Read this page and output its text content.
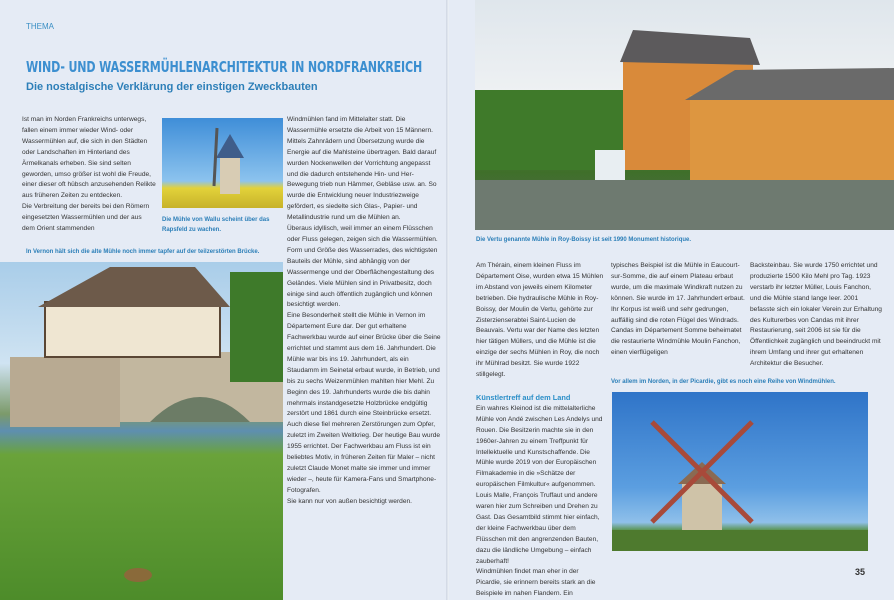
THEMA
WIND- UND WASSERMÜHLENARCHITEKTUR IN NORDFRANKREICH
Die nostalgische Verklärung der einstigen Zweckbauten

Ist man im Norden Frankreichs unterwegs, fallen einem immer wieder Wind- oder Wassermühlen auf, die sich in den Städten oder Landschaften im Hinterland des Ärmelkanals erheben. Sie sind selten geworden, umso größer ist wohl die Freude, einer dieser oft hübsch anzusehenden Relikte aus früheren Zeiten zu entdecken.

Die Verbreitung der bereits bei den Römern eingesetzten Wassermühlen und der aus dem Orient stammenden

Die Mühle von Wallu scheint über das Rapsfeld zu wachen.
In Vernon hält sich die alte Mühle noch immer tapfer auf der teilzerstörten Brücke.

Windmühlen fand im Mittelalter statt. Die Wassermühle ersetzte die Arbeit von 15 Männern. Mittels Zahnrädern und Übersetzung wurde die Energie auf die Mahlsteine übertragen. Bald darauf wurden Nockenwellen der Vorrichtung angepasst und die dadurch entstehende Hin- und Her-Bewegung trieb nun Hämmer, Gebläse usw. an. So wurde die Entwicklung neuer Industriezweige gefördert, es siedelte sich Glas-, Papier- und Metallindustrie rund um die Mühlen an.

Überaus idyllisch, weil immer an einem Flüsschen oder Fluss gelegen, zeigen sich die Wassermühlen. Form und Größe des Wasserrades, des wichtigsten Bauteils der Mühle, sind abhängig von der Wassermenge und der Oberflächengestaltung des Geländes. Viele Mühlen sind in Privatbesitz, doch einige sind auch öffentlich zugänglich und können besichtigt werden.

Eine Besonderheit stellt die Mühle in Vernon im Département Eure dar. Der gut erhaltene Fachwerkbau wurde auf einer Brücke über die Seine errichtet und stammt aus dem 16. Jahrhundert. Die Mühle war bis ins 19. Jahrhundert, als ein Staudamm im Seinetal erbaut wurde, in Betrieb, und bis zu sechs Weizenmühlen mahlten hier Mehl. Zu Beginn des 19. Jahrhunderts wurde die bis dahin mehrmals instandgesetzte Holzbrücke endgültig zerstört und 1861 durch eine Steinbrücke ersetzt. Auch diese fiel mehreren Zerstörungen zum Opfer, zuletzt im Zweiten Weltkrieg. Der heutige Bau wurde 1955 errichtet. Der Fachwerkbau am Fluss ist ein beliebtes Motiv, in früheren Zeiten für Maler – nicht zuletzt Claude Monet malte sie immer und immer wieder –, heute für Kamera-Fans und Smartphone-Fotografen.

Sie kann nur von außen besichtigt werden.

Die Vertu genannte Mühle in Roy-Boissy ist seit 1990 Monument historique.

Am Thérain, einem kleinen Fluss im Département Oise, wurden etwa 15 Mühlen im Abstand von jeweils einem Kilometer betrieben. Die hydraulische Mühle in Roy-Boissy, der Moulin de Vertu, gehörte zur Zisterzienserabtei Saint-Lucien de Beauvais. Vertu war der Name des letzten hier tätigen Müllers, und die Mühle ist die einzige der sechs Mühlen in Roy, die noch ihr Mühlrad besitzt. Sie wurde 1922 stillgelegt.

Künstlertreff auf dem Land

Ein wahres Kleinod ist die mittelalterliche Mühle von Andé zwischen Les Andelys und Rouen. Die Besitzerin machte sie in den 1960er-Jahren zu einem Treffpunkt für Intellektuelle und Kunstschaffende. Die Mühle wurde 2019 von der Europäischen Filmakademie in die »Schätze der europäischen Filmkultur« aufgenommen. Louis Malle, François Truffaut und andere waren hier zum Schreiben und Drehen zu Gast. Das Gesamtbild stimmt hier einfach, der kleine Fachwerkbau über dem Flüsschen mit den angrenzenden Bauten, dazu die ländliche Umgebung – einfach zauberhaft!

Windmühlen findet man eher in der Picardie, sie erinnern bereits stark an die Beispiele im nahen Flandern. Ein

typisches Beispiel ist die Mühle in Eaucourt-sur-Somme, die auf einem Plateau erbaut wurde, um die maximale Windkraft nutzen zu können. Sie wurde im 17. Jahrhundert erbaut. Ihr Korpus ist weiß und sehr gedrungen, auffällig sind die roten Flügel des Windrads.

Candas im Département Somme beheimatet die restaurierte Windmühle Moulin Fanchon, einen vierflügeligen

Backsteinbau. Sie wurde 1750 errichtet und produzierte 1500 Kilo Mehl pro Tag. 1923 verstarb ihr letzter Müller, Louis Fanchon, und die Mühle stand lange leer. 2001 befasste sich ein lokaler Verein zur Erhaltung des Kulturerbes von Candas mit ihrer Restaurierung, seit 2006 ist sie für die Öffentlichkeit zugänglich und beeindruckt mit ihrem Umfang und ihrer gut erhaltenen Architektur die Besucher.

Vor allem im Norden, in der Picardie, gibt es noch eine Reihe von Windmühlen.
35
